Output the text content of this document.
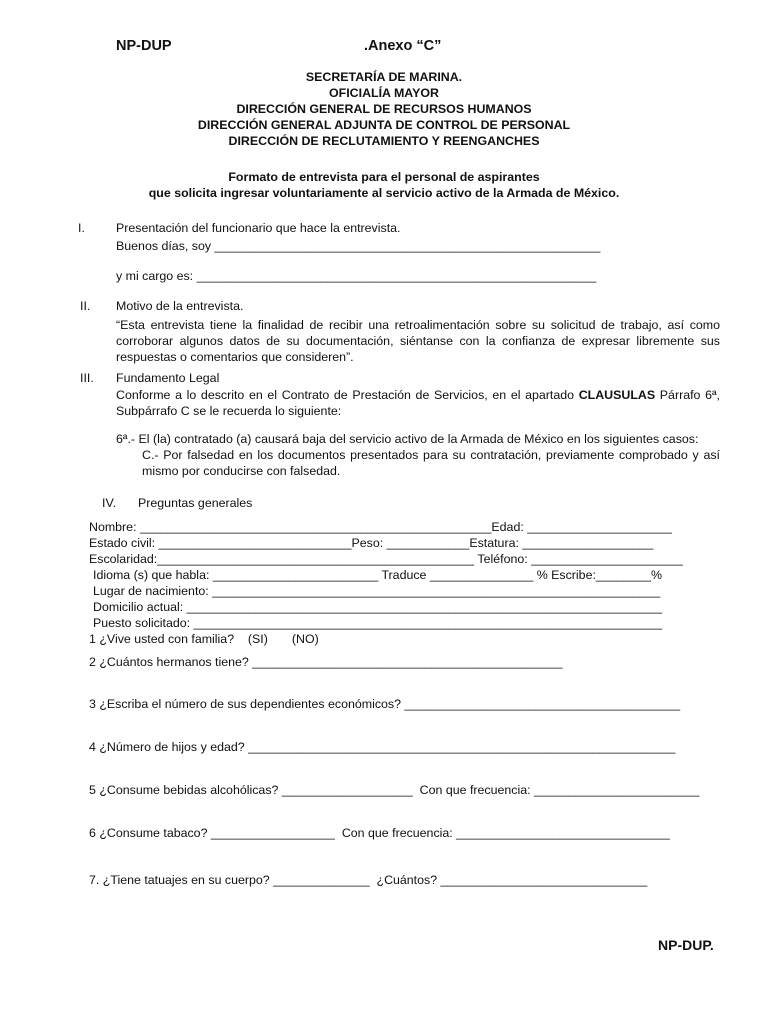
NP-DUP	.Anexo “C”
SECRETARÍA DE MARINA.
OFICIALÍA MAYOR
DIRECCIÓN GENERAL DE RECURSOS HUMANOS
DIRECCIÓN GENERAL ADJUNTA DE CONTROL DE PERSONAL
DIRECCIÓN DE RECLUTAMIENTO Y REENGANCHES
Formato de entrevista para el personal de aspirantes
que solicita ingresar voluntariamente al servicio activo de la Armada de México.
I.	Presentación del funcionario que hace la entrevista.
Buenos días, soy ________________________________________________________
y mi cargo es: __________________________________________________________
II. Motivo de la entrevista.
“Esta entrevista tiene la finalidad de recibir una retroalimentación sobre su solicitud de trabajo, así como corroborar algunos datos de su documentación, siéntanse con la confianza de expresar libremente sus respuestas o comentarios que consideren”.
III. Fundamento Legal
Conforme a lo descrito en el Contrato de Prestación de Servicios, en el apartado CLAUSULAS Párrafo 6ª, Subpárrafo C se le recuerda lo siguiente:
6ª.- El (la) contratado (a) causará baja del servicio activo de la Armada de México en los siguientes casos:
C.- Por falsedad en los documentos presentados para su contratación, previamente comprobado y así mismo por conducirse con falsedad.
IV. Preguntas generales
Nombre: ___________________________________________________Edad: _____________________
Estado civil: ____________________________Peso: ____________Estatura: ___________________
Escolaridad:______________________________________________ Teléfono: ______________________
Idioma (s) que habla: ________________________ Traduce _______________ % Escribe:________%
Lugar de nacimiento: _________________________________________________________________
Domicilio actual: _____________________________________________________________________
Puesto solicitado: ____________________________________________________________________
1 ¿Vive usted con familia?    (SI)       (NO)
2 ¿Cuántos hermanos tiene? _____________________________________________
3 ¿Escriba el número de sus dependientes económicos? ________________________________________
4 ¿Número de hijos y edad? ______________________________________________________________
5 ¿Consume bebidas alcohólicas? ___________________  Con que frecuencia: ________________________
6 ¿Consume tabaco? __________________  Con que frecuencia: _______________________________
7. ¿Tiene tatuajes en su cuerpo? ______________  ¿Cuántos? ______________________________
NP-DUP.
